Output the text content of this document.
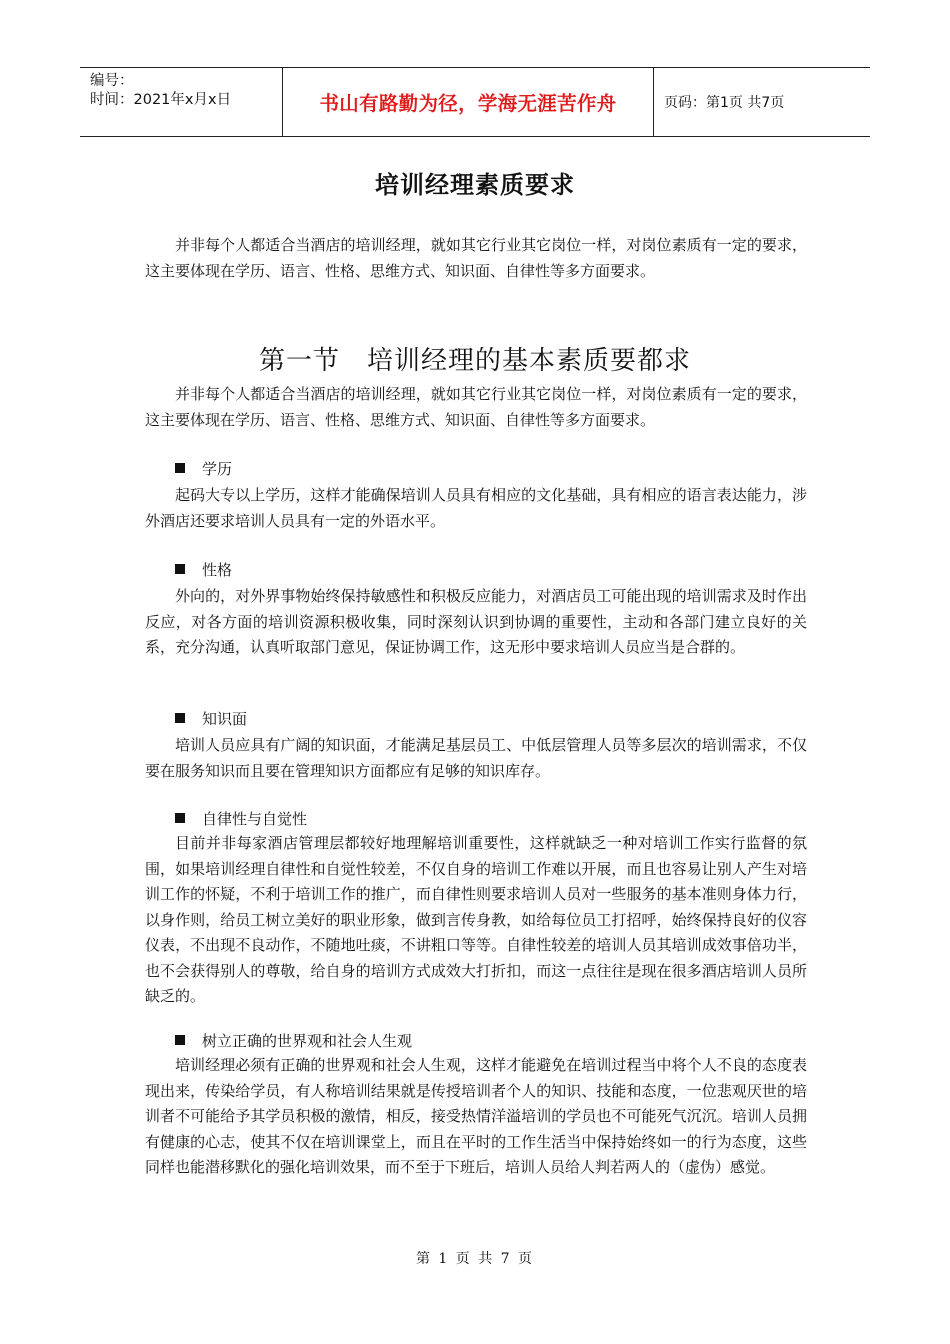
编号：
时间：2021年x月x日	书山有路勤为径，学海无涯苦作舟	页码：第1页 共7页
培训经理素质要求

并非每个人都适合当酒店的培训经理，就如其它行业其它岗位一样，对岗位素质有一定的要求，这主要体现在学历、语言、性格、思维方式、知识面、自律性等多方面要求。

第一节　培训经理的基本素质要都求

并非每个人都适合当酒店的培训经理，就如其它行业其它岗位一样，对岗位素质有一定的要求，这主要体现在学历、语言、性格、思维方式、知识面、自律性等多方面要求。

学历

起码大专以上学历，这样才能确保培训人员具有相应的文化基础，具有相应的语言表达能力，涉外酒店还要求培训人员具有一定的外语水平。

性格

外向的，对外界事物始终保持敏感性和积极反应能力，对酒店员工可能出现的培训需求及时作出反应，对各方面的培训资源积极收集，同时深刻认识到协调的重要性，主动和各部门建立良好的关系，充分沟通，认真听取部门意见，保证协调工作，这无形中要求培训人员应当是合群的。

知识面

培训人员应具有广阔的知识面，才能满足基层员工、中低层管理人员等多层次的培训需求，不仅要在服务知识而且要在管理知识方面都应有足够的知识库存。

自律性与自觉性

目前并非每家酒店管理层都较好地理解培训重要性，这样就缺乏一种对培训工作实行监督的氛围，如果培训经理自律性和自觉性较差，不仅自身的培训工作难以开展，而且也容易让别人产生对培训工作的怀疑，不利于培训工作的推广，而自律性则要求培训人员对一些服务的基本准则身体力行，以身作则，给员工树立美好的职业形象，做到言传身教，如给每位员工打招呼，始终保持良好的仪容仪表，不出现不良动作，不随地吐痰，不讲粗口等等。自律性较差的培训人员其培训成效事倍功半，也不会获得别人的尊敬，给自身的培训方式成效大打折扣，而这一点往往是现在很多酒店培训人员所缺乏的。

树立正确的世界观和社会人生观

培训经理必须有正确的世界观和社会人生观，这样才能避免在培训过程当中将个人不良的态度表现出来，传染给学员，有人称培训结果就是传授培训者个人的知识、技能和态度，一位悲观厌世的培训者不可能给予其学员积极的激情，相反，接受热情洋溢培训的学员也不可能死气沉沉。培训人员拥有健康的心志，使其不仅在培训课堂上，而且在平时的工作生活当中保持始终如一的行为态度，这些同样也能潜移默化的强化培训效果，而不至于下班后，培训人员给人判若两人的（虚伪）感觉。

第 1 页 共 7 页
